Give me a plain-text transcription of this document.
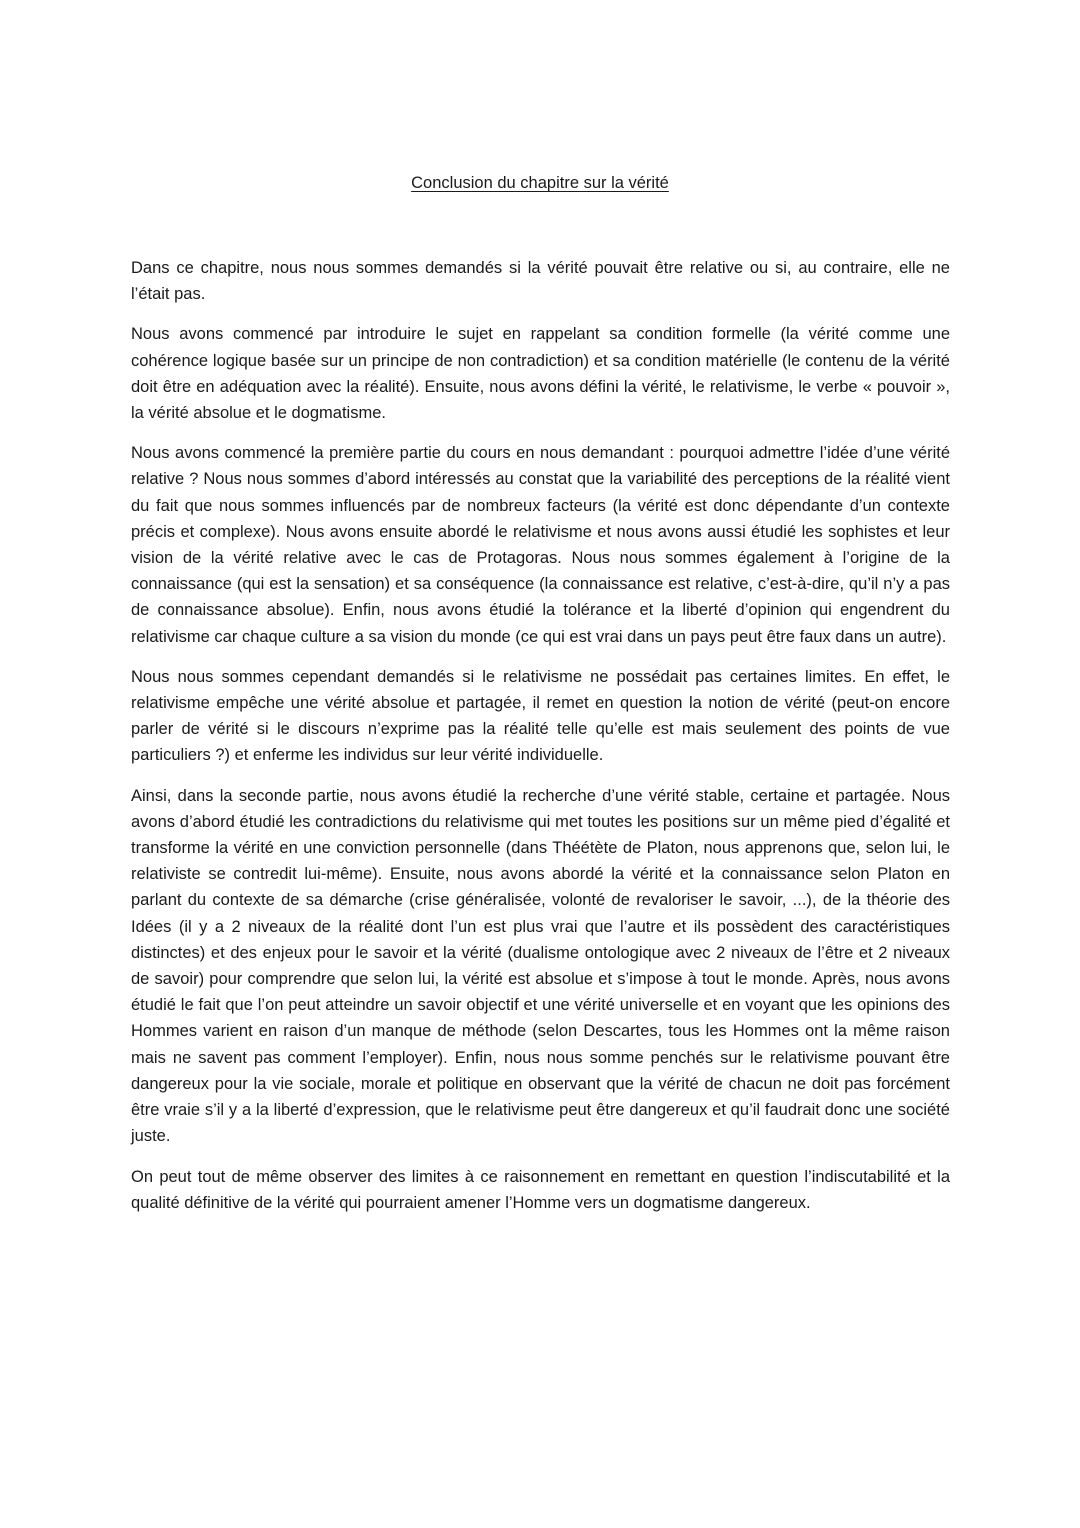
Conclusion du chapitre sur la vérité

Dans ce chapitre, nous nous sommes demandés si la vérité pouvait être relative ou si, au contraire, elle ne l’était pas.

Nous avons commencé par introduire le sujet en rappelant sa condition formelle (la vérité comme une cohérence logique basée sur un principe de non contradiction) et sa condition matérielle (le contenu de la vérité doit être en adéquation avec la réalité). Ensuite, nous avons défini la vérité, le relativisme, le verbe « pouvoir », la vérité absolue et le dogmatisme.

Nous avons commencé la première partie du cours en nous demandant : pourquoi admettre l’idée d’une vérité relative ? Nous nous sommes d’abord intéressés au constat que la variabilité des perceptions de la réalité vient du fait que nous sommes influencés par de nombreux facteurs (la vérité est donc dépendante d’un contexte précis et complexe). Nous avons ensuite abordé le relativisme et nous avons aussi étudié les sophistes et leur vision de la vérité relative avec le cas de Protagoras. Nous nous sommes également à l’origine de la connaissance (qui est la sensation) et sa conséquence (la connaissance est relative, c’est-à-dire, qu’il n’y a pas de connaissance absolue). Enfin, nous avons étudié la tolérance et la liberté d’opinion qui engendrent du relativisme car chaque culture a sa vision du monde (ce qui est vrai dans un pays peut être faux dans un autre).

Nous nous sommes cependant demandés si le relativisme ne possédait pas certaines limites. En effet, le relativisme empêche une vérité absolue et partagée, il remet en question la notion de vérité (peut-on encore parler de vérité si le discours n’exprime pas la réalité telle qu’elle est mais seulement des points de vue particuliers ?) et enferme les individus sur leur vérité individuelle.

Ainsi, dans la seconde partie, nous avons étudié la recherche d’une vérité stable, certaine et partagée. Nous avons d’abord étudié les contradictions du relativisme qui met toutes les positions sur un même pied d’égalité et transforme la vérité en une conviction personnelle (dans Théétète de Platon, nous apprenons que, selon lui, le relativiste se contredit lui-même). Ensuite, nous avons abordé la vérité et la connaissance selon Platon en parlant du contexte de sa démarche (crise généralisée, volonté de revaloriser le savoir, ...), de la théorie des Idées (il y a 2 niveaux de la réalité dont l’un est plus vrai que l’autre et ils possèdent des caractéristiques distinctes) et des enjeux pour le savoir et la vérité (dualisme ontologique avec 2 niveaux de l’être et 2 niveaux de savoir) pour comprendre que selon lui, la vérité est absolue et s’impose à tout le monde. Après, nous avons étudié le fait que l’on peut atteindre un savoir objectif et une vérité universelle et en voyant que les opinions des Hommes varient en raison d’un manque de méthode (selon Descartes, tous les Hommes ont la même raison mais ne savent pas comment l’employer). Enfin, nous nous somme penchés sur le relativisme pouvant être dangereux pour la vie sociale, morale et politique en observant que la vérité de chacun ne doit pas forcément être vraie s’il y a la liberté d’expression, que le relativisme peut être dangereux et qu’il faudrait donc une société juste.

On peut tout de même observer des limites à ce raisonnement en remettant en question l’indiscutabilité et la qualité définitive de la vérité qui pourraient amener l’Homme vers un dogmatisme dangereux.
